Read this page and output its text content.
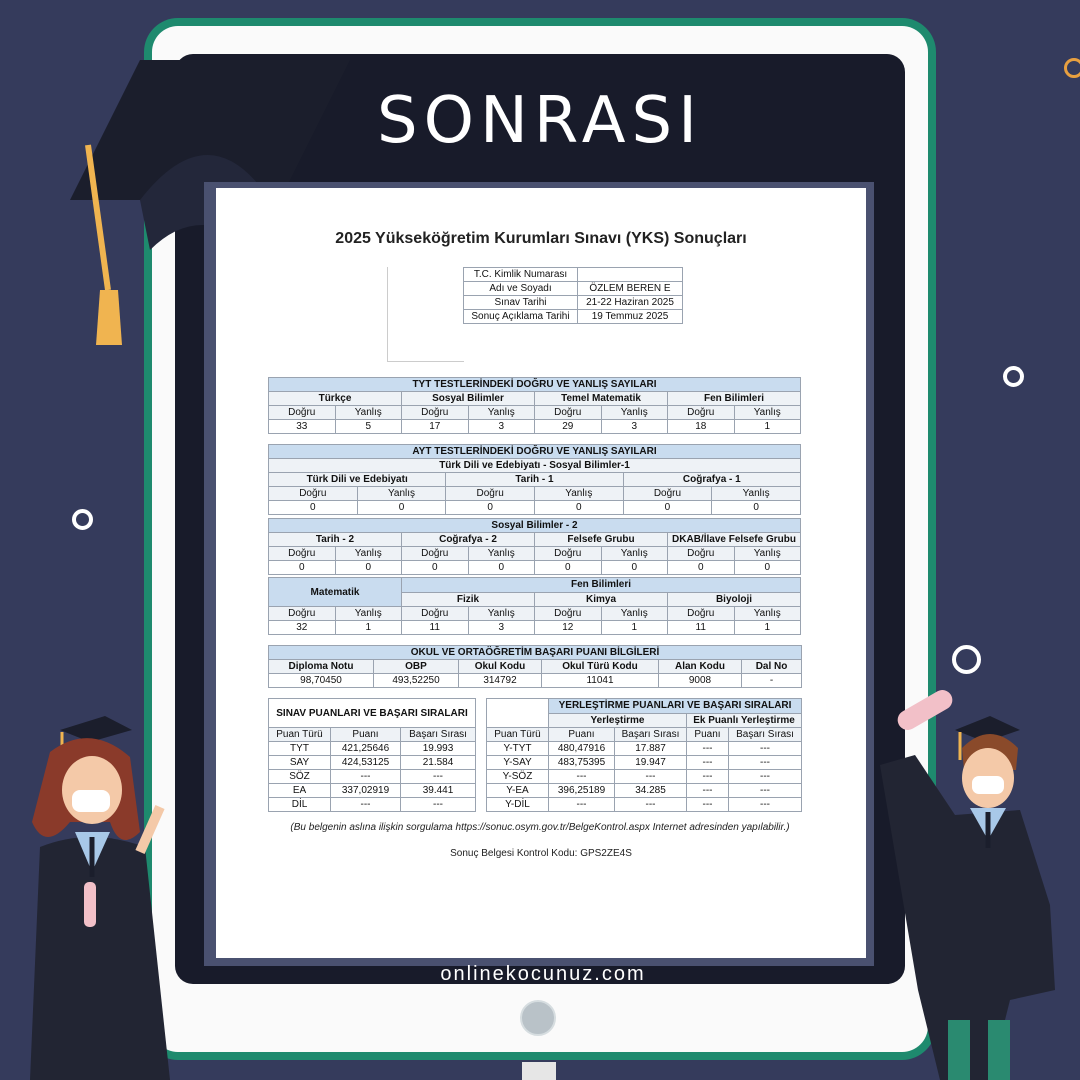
SONRASI
2025 Yükseköğretim Kurumları Sınavı (YKS) Sonuçları
T.C. Kimlik Numarası	
Adı ve Soyadı	ÖZLEM BEREN E
Sınav Tarihi	21-22 Haziran 2025
Sonuç Açıklama Tarihi	19 Temmuz 2025
TYT TESTLERİNDEKİ DOĞRU VE YANLIŞ SAYILARI							
Türkçe		Sosyal Bilimler		Temel Matematik		Fen Bilimleri	
Doğru	Yanlış	Doğru	Yanlış	Doğru	Yanlış	Doğru	Yanlış
33	5	17	3	29	3	18	1
AYT TESTLERİNDEKİ DOĞRU VE YANLIŞ SAYILARI					
Türk Dili ve Edebiyatı - Sosyal Bilimler-1					
Türk Dili ve Edebiyatı		Tarih - 1		Coğrafya - 1	
Doğru	Yanlış	Doğru	Yanlış	Doğru	Yanlış
0	0	0	0	0	0
Sosyal Bilimler - 2							
Tarih - 2		Coğrafya - 2		Felsefe Grubu		DKAB/İlave Felsefe Grubu	
Doğru	Yanlış	Doğru	Yanlış	Doğru	Yanlış	Doğru	Yanlış
0	0	0	0	0	0	0	0
Matematik		Fen Bilimleri					
		Fizik		Kimya		Biyoloji	
Doğru	Yanlış	Doğru	Yanlış	Doğru	Yanlış	Doğru	Yanlış
32	1	11	3	12	1	11	1
OKUL VE ORTAÖĞRETİM BAŞARI PUANI BİLGİLERİ					
Diploma Notu	OBP	Okul Kodu	Okul Türü Kodu	Alan Kodu	Dal No
98,70450	493,52250	314792	11041	9008	-
SINAV PUANLARI VE BAŞARI SIRALARI		
Puan Türü	Puanı	Başarı Sırası
TYT	421,25646	19.993
SAY	424,53125	21.584
SÖZ	---	---
EA	337,02919	39.441
DİL	---	---
	YERLEŞTİRME PUANLARI VE BAŞARI SIRALARI			
	Yerleştirme		Ek Puanlı Yerleştirme	
Puan Türü	Puanı	Başarı Sırası	Puanı	Başarı Sırası
Y-TYT	480,47916	17.887	---	---
Y-SAY	483,75395	19.947	---	---
Y-SÖZ	---	---	---	---
Y-EA	396,25189	34.285	---	---
Y-DİL	---	---	---	---
(Bu belgenin aslına ilişkin sorgulama https://sonuc.osym.gov.tr/BelgeKontrol.aspx Internet adresinden yapılabilir.)
Sonuç Belgesi Kontrol Kodu: GPS2ZE4S
onlinekocunuz.com
